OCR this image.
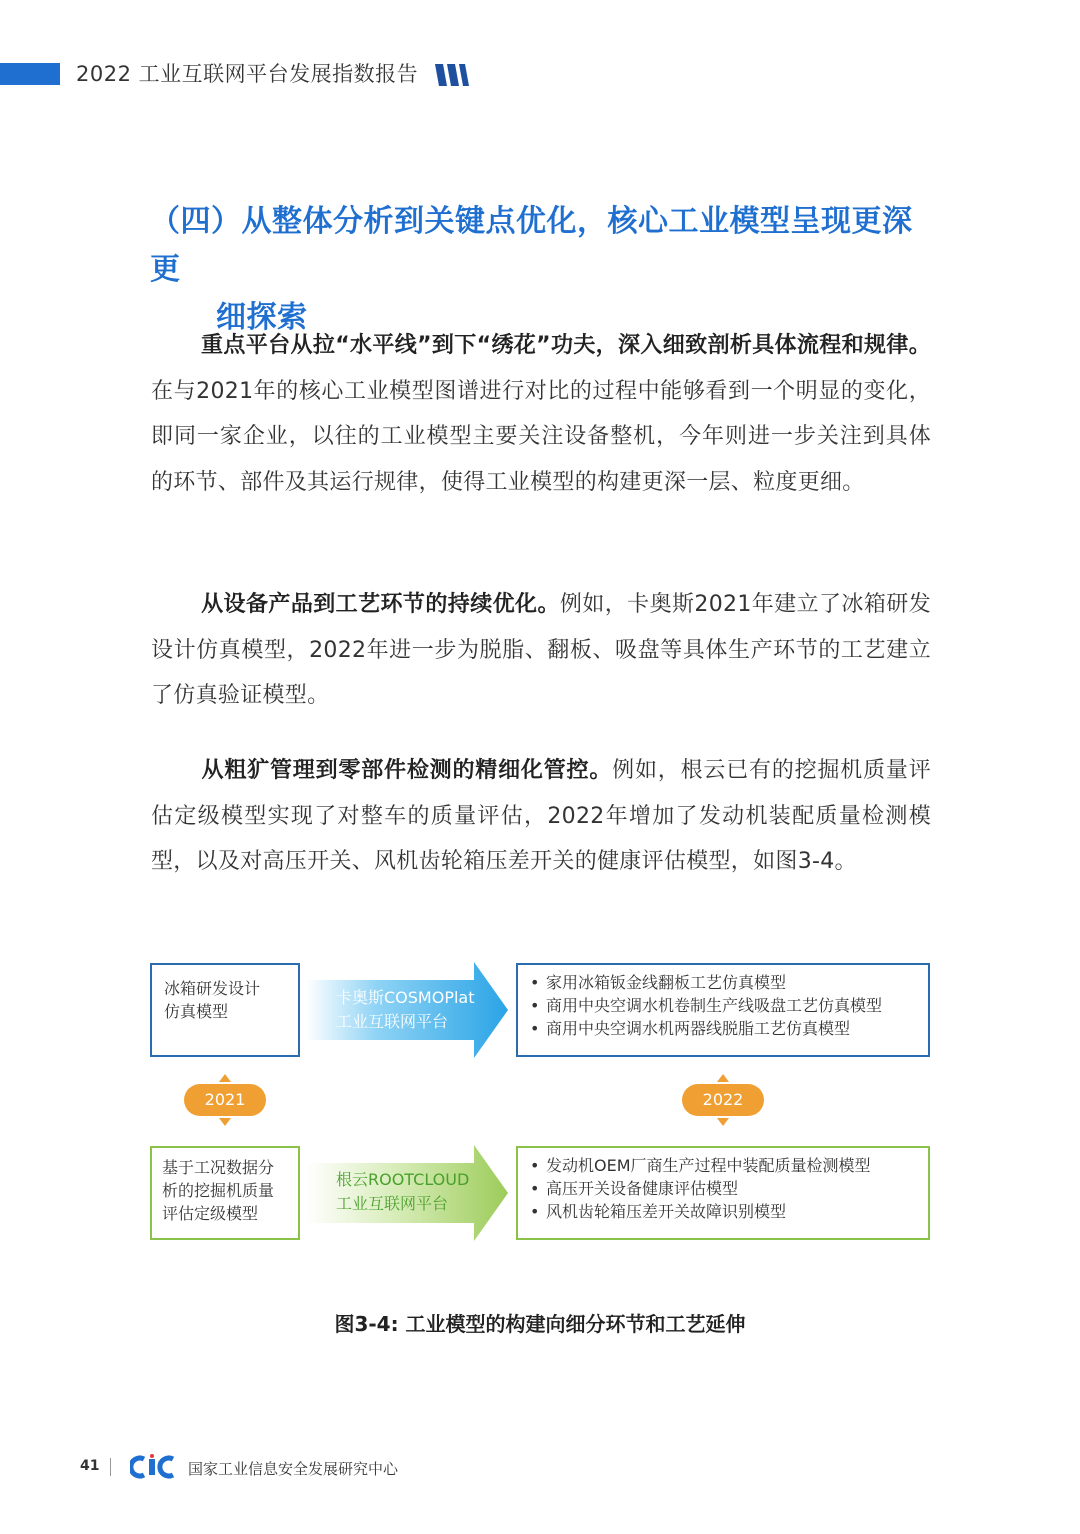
2022 工业互联网平台发展指数报告
（四）从整体分析到关键点优化，核心工业模型呈现更深更
细探索
重点平台从拉“水平线”到下“绣花”功夫，深入细致剖析具体流程和规律。在与2021年的核心工业模型图谱进行对比的过程中能够看到一个明显的变化，即同一家企业，以往的工业模型主要关注设备整机，今年则进一步关注到具体的环节、部件及其运行规律，使得工业模型的构建更深一层、粒度更细。
从设备产品到工艺环节的持续优化。例如，卡奥斯2021年建立了冰箱研发设计仿真模型，2022年进一步为脱脂、翻板、吸盘等具体生产环节的工艺建立了仿真验证模型。
从粗犷管理到零部件检测的精细化管控。例如，根云已有的挖掘机质量评估定级模型实现了对整车的质量评估，2022年增加了发动机装配质量检测模型，以及对高压开关、风机齿轮箱压差开关的健康评估模型，如图3-4。
冰箱研发设计
仿真模型
卡奥斯COSMOPlat
工业互联网平台
• 家用冰箱钣金线翻板工艺仿真模型
• 商用中央空调水机卷制生产线吸盘工艺仿真模型
• 商用中央空调水机两器线脱脂工艺仿真模型
2021	2022
基于工况数据分
析的挖掘机质量
评估定级模型
根云ROOTCLOUD
工业互联网平台
• 发动机OEM厂商生产过程中装配质量检测模型
• 高压开关设备健康评估模型
• 风机齿轮箱压差开关故障识别模型
图3-4: 工业模型的构建向细分环节和工艺延伸
41	国家工业信息安全发展研究中心
